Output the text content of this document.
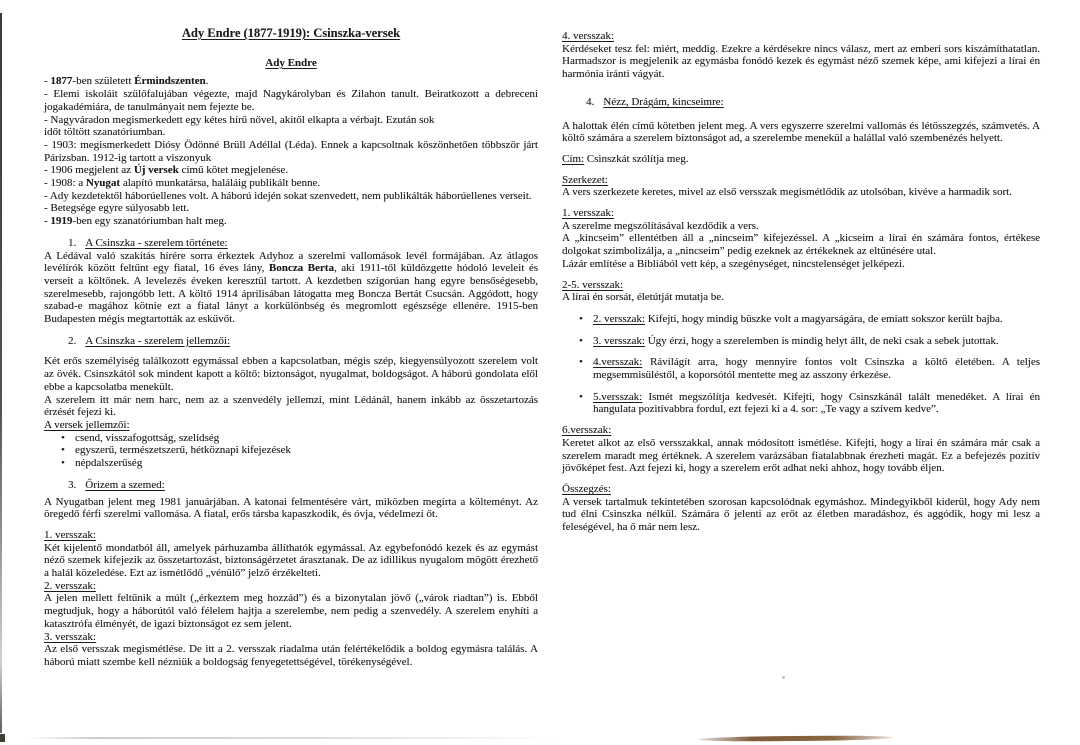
Ady Endre (1877-1919): Csinszka-versek
Ady Endre
- 1877-ben született Érmindszenten.
- Elemi iskoláit szülőfalujában végezte, majd Nagykárolyban és Zilahon tanult. Beiratkozott a debreceni jogakadémiára, de tanulmányait nem fejezte be.
- Nagyváradon megismerkedett egy kétes hírű nővel, akitől elkapta a vérbajt. Ezután sok
időt töltött szanatóriumban.
- 1903: megismerkedett Diósy Ödönné Brüll Adéllal (Léda). Ennek a kapcsoltnak köszönhetően többször járt Párizsban. 1912-ig tartott a viszonyuk
- 1906 megjelent az Új versek című kötet megjelenése.
- 1908: a Nyugat alapító munkatársa, haláláig publikált benne.
- Ady kezdetektől háborúellenes volt. A háború idején sokat szenvedett, nem publikálták háborúellenes verseit.
- Betegsége egyre súlyosabb lett.
- 1919-ben egy szanatóriumban halt meg.
1. A Csinszka - szerelem története:

A Lédával való szakítás hírére sorra érkeztek Adyhoz a szerelmi vallomások levél formájában. Az átlagos levélírók között feltűnt egy fiatal, 16 éves lány, Boncza Berta, aki 1911-től küldözgette hódoló leveleit és verseit a költőnek. A levelezés éveken keresztül tartott. A kezdetben szigorúan hang egyre bensőségesebb, szerelmesebb, rajongóbb lett. A költő 1914 áprilisában látogatta meg Boncza Bertát Csucsán. Aggódott, hogy szabad-e magához kötnie ezt a fiatal lányt a korkülönbség és megromlott egészsége ellenére. 1915-ben Budapesten mégis megtartották az esküvőt.

2. A Csinszka - szerelem jellemzői:

Két erős személyiség találkozott egymással ebben a kapcsolatban, mégis szép, kiegyensúlyozott szerelem volt az övék. Csinszkától sok mindent kapott a költő: biztonságot, nyugalmat, boldogságot. A háború gondolata elől ebbe a kapcsolatba menekült.

A szerelem itt már nem harc, nem az a szenvedély jellemzi, mint Lédánál, hanem inkább az összetartozás érzését fejezi ki.

A versek jellemzői:
• csend, visszafogottság, szelídség
• egyszerű, természetszerű, hétköznapi kifejezések
• népdalszerűség
3. Őrizem a szemed:

A Nyugatban jelent meg 1981 januárjában. A katonai felmentésére várt, miközben megírta a költeményt. Az öregedő férfi szerelmi vallomása. A fiatal, erős társba kapaszkodik, és óvja, védelmezi őt.

1. versszak:

Két kijelentő mondatból áll, amelyek párhuzamba állíthatók egymással. Az egybefonódó kezek és az egymást néző szemek kifejezik az összetartozást, biztonságérzetet árasztanak. De az idillikus nyugalom mögött érezhető a halál közeledése. Ezt az ismétlődő „vénülő” jelző érzékelteti.

2. versszak:

A jelen mellett feltűnik a múlt („érkeztem meg hozzád”) és a bizonytalan jövő („várok riadtan”) is. Ebből megtudjuk, hogy a háborútól való félelem hajtja a szerelembe, nem pedig a szenvedély. A szerelem enyhíti a katasztrófa élményét, de igazi biztonságot ez sem jelent.

3. versszak:

Az első versszak megismétlése. De itt a 2. versszak riadalma után felértékelődik a boldog egymásra találás. A háború miatt szembe kell nézniük a boldogság fenyegetettségével, törékenységével.

4. versszak:

Kérdéseket tesz fel: miért, meddig. Ezekre a kérdésekre nincs válasz, mert az emberi sors kiszámíthatatlan. Harmadszor is megjelenik az egymásba fonódó kezek és egymást néző szemek képe, ami kifejezi a lírai én harmónia iránti vágyát.

4. Nézz, Drágám, kincseimre:

A halottak élén című kötetben jelent meg. A vers egyszerre szerelmi vallomás és létösszegzés, számvetés. A költő számára a szerelem biztonságot ad, a szerelembe menekül a halállal való szembenézés helyett.

Cím: Csinszkát szólítja meg.

Szerkezet:

A vers szerkezete keretes, mivel az első versszak megismétlődik az utolsóban, kivéve a harmadik sort.

1. versszak:

A szerelme megszólításával kezdődik a vers.

A „kincseim” ellentétben áll a „nincseim” kifejezéssel. A „kicseim a lírai én számára fontos, értékese dolgokat szimbolizálja, a „nincseim” pedig ezeknek az értékeknek az eltűnésére utal.

Lázár említése a Bibliából vett kép, a szegénységet, nincstelenséget jelképezi.

2-5. versszak:

A lírai én sorsát, életútját mutatja be.

• 2. versszak: Kifejti, hogy mindig büszke volt a magyarságára, de emiatt sokszor került bajba.
• 3. versszak: Úgy érzi, hogy a szerelemben is mindig helyt állt, de neki csak a sebek jutottak.
• 4.versszak: Rávilágít arra, hogy mennyire fontos volt Csinszka a költő életében. A teljes megsemmisüléstől, a koporsótól mentette meg az asszony érkezése.
• 5.versszak: Ismét megszólítja kedvesét. Kifejti, hogy Csinszkánál talált menedéket. A lírai én hangulata pozitívabbra fordul, ezt fejezi ki a 4. sor: „Te vagy a szívem kedve”.
6.versszak:

Keretet alkot az első versszakkal, annak módosított ismétlése. Kifejti, hogy a lírai én számára már csak a szerelem maradt meg értéknek. A szerelem varázsában fiatalabbnak érezheti magát. Ez a befejezés pozitív jövőképet fest. Azt fejezi ki, hogy a szerelem erőt adhat neki ahhoz, hogy tovább éljen.

Összegzés:

A versek tartalmuk tekintetében szorosan kapcsolódnak egymáshoz. Mindegyikből kiderül, hogy Ady nem tud élni Csinszka nélkül. Számára ő jelenti az erőt az életben maradáshoz, és aggódik, hogy mi lesz a feleségével, ha ő már nem lesz.
